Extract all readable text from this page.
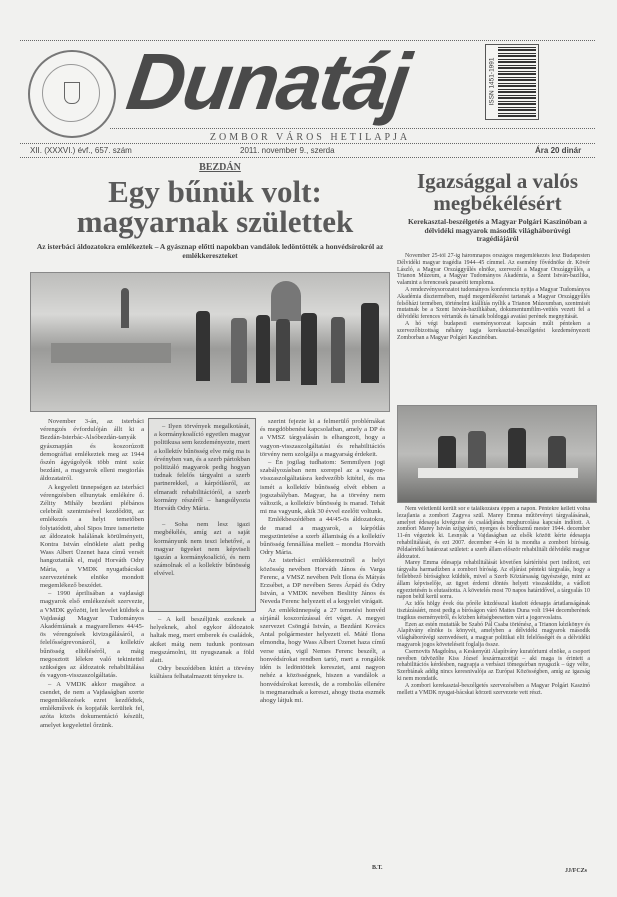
Dunatáj	ISSN 1451-1991
ZOMBOR VÁROS HETILAPJA
XII. (XXXVI.) évf., 657. szám	2011. november 9., szerda	Ára 20 dinár
BEZDÁN
Egy bűnük volt: magyarnak születtek
Az isterbáci áldozatokra emlékeztek – A gyásznap előtti napokban vandálok ledöntötték a honvédsírokról az emlékkereszteket

November 3-án, az isterbáci vérengzés évfordulóján állt ki a Bezdán-Isterbác-Alsóbezdán-tanyák gyásznapján és koszorúzott demográfiai emlékeztek meg az 1944 őszén ágyúgolyók több mint száz bezdáni, a magyarok elleni megtorlás áldozatairól.

A kegyeleti ünnepségen az isterbáci vérengzésben elhunytak emlékére ő. Zélity Mihály bezdáni plébános celebrált szentmisével kezdődött, az emlékezés a helyi temetőben folytatódott, ahol Sipos Imre ismertette az áldozatok halálának körülményeit, Kontra István elnöklete alatt pedig Wass Albert Üzenet haza című versét hangoztatták el, majd Horváth Odry Mária, a VMDK nyugatbácskai szervezetének elnöke mondott megemlékező beszédet.

– 1990 áprilisában a vajdasági magyarok első emlékezését szervezte, a VMDK győzött, lett levelet küldtek a Vajdasági Magyar Tudományos Akadémiának a magyarellenes 44/45-ös vérengzések kivizsgálásáról, a felelősségrevonásról, a kollektív bűnösség elítéléséről, a máig megosztott lélekre való tekintettel szükséges az áldozatok rehabilitálása és vagyon-visszaszolgáltatás.

– A VMDK akkor magához a csendet, de nem a Vajdaságban szerte megemlékezések ezrei kezdődtek, emlékművek és kopjafák kerültek fel, azóta közös dokumentáció készült, amelyet kegyelettel őrzünk.

– Ilyen törvények megalkotását, a kormánykoalíció egyetlen magyar politikusa sem kezdeményezte, mert a kollektív bűnösség elve még ma is érvényben van, és a szerb pártokban politizáló magyarok pedig hogyan tudnak felelős tárgyalni a szerb partnerekkel, a kárpótlásról, az elmaradt rehabilitációról, a szerb kormány részéről – hangsúlyozta Horváth Odry Mária.

– Soha nem lesz igazi megbékélés, amíg azt a saját kormányunk nem teszi lehetővé, a magyar ügyeket nem képviseli igazán a kormánykoalíció, és nem számolnak el a kollektív bűnösség elvével.

– A kell beszéljünk ezeknek a helyeknek, ahol egykor áldozatok haltak meg, mert emberek és családok, akiket máig nem tudunk pontosan megszámolni, itt nyugszanak a föld alatt.

Odry beszédében kitért a törvény kiáltásra felhatalmazott tényekre is.

szerint fejezte ki a felmerülő problémákat és megdöbbenést kapcsolatban, amely a DP és a VMSZ tárgyalásán is elhangzott, hogy a vagyon-visszaszolgáltatási és rehabilitációs törvény nem szolgálja a magyarság érdekeit.

– Én jogilag tudhatom: Semmilyen jogi szabályozásban nem szerepel az a vagyon-visszaszolgáltatásra kedvezőbb kitétel, és ma ismét a kollektív bűnösség elvét ebben a jogszabályban. Magyar, ha a törvény nem változik, a kollektív bűnösség is marad. Tehát mi ma vagyunk, akik 30 évvel ezelőtt voltunk.

Emlékbeszédében a 44/45-ös áldozatokra, de marad a magyarok, a kárpótlás megszüntetése a szerb államiság és a kollektív bűnösség fennállása mellett – mondta Horváth Odry Mária.

Az isterbáci emlékkeresztnél a helyi közösség nevében Horváth János és Varga Ferenc, a VMSZ nevében Pelt Ilona és Mátyás Erzsébet, a DP nevében Seres Árpád és Ódry István, a VMDK nevében Besliity János és Neveda Ferenc helyezett el a kegyelet virágait.

Az emlékünnepség a 27 temetési honvéd sírjánál koszorúzással ért véget. A megyei szervezet Csöngjá István, a Bezdáni Kovács Antal polgármester helyezett el. Máté Ilona elmondta, hogy Wass Albert Üzenet haza című verse után, vigil Nemes Ferenc beszélt, a honvédsírokat rendben tartó, mert a rongálók idén is ledöntöttek keresztet, ami nagyon nehéz a közösségnek, hiszen a vandálok a honvédsírokat keresik, de a rombolás ellenére is megmaradnak a kereszt, ahogy tiszta eszmék ahogy látjuk mi.

B.T.
Igazsággal a valós megbékélésért
Kerekasztal-beszélgetés a Magyar Polgári Kaszinóban a délvidéki magyarok második világháborúvégi tragédiájáról

November 25-től 27-ig háromnapos országos megemlékezés lesz Budapesten Délvidéki magyar tragédia 1944–45 címmel. Az esemény fővédnöke dr. Kövér László, a Magyar Országgyűlés elnöke, szervezői a Magyar Országgyűlés, a Trianon Múzeum, a Magyar Tudományos Akadémia, a Szent István-bazilika, valamint a ferencesek pasaréti temploma.

A rendezvénysorozatot tudományos konferencia nyitja a Magyar Tudományos Akadémia dísztermében, majd megemlékezést tartanak a Magyar Országgyűlés felsőházi termében, történelmi kiállítás nyílik a Trianon Múzeumban, szentmisét mutatnak be a Szent István-bazilikában, dokumentumfilm-vetítés vezeti fel a délvidéki ferences vértanúk és társaik boldoggá avatási perének megnyitását.

A hó végi budapesti eseménysorozat kapcsán múlt pénteken a szervezőbizottság néhány tagja kerekasztal-beszélgetést kezdeményezett Zomborban a Magyar Polgári Kaszinóban.

Nem véletlenül került sor e találkozásra éppen a napon. Péntekre kellett volna lezajlania a zombori Zagyva szül. Marey Emma műtörvényi tárgyalásának, amelyet édesapja kivégzése és családjának meghurcolása kapcsán indított. A zombori Marey István szíjgyártó, nyerges és bőrdíszmű mester 1944. december 11-én végeztek ki. Lesnyák a Vajdaságban az elsők között kérte édesapja rehabilitálását, és ezt 2007. december 4-én ki is mondta a zombori bíróság. Példaértékű határozat születet: a szerb állam először rehabilitált délvidéki magyar áldozatot.

Marey Emma édesapja rehabilitálását követően kártérítési pert indított, ezt tárgyalta harmadízben a zombori bíróság. Az eljárást pénteki tárgyalás, hogy a fellebbező bírósághoz küldték, mivel a Szerb Köztársaság ügyészsége, mint az állam képviselője, az ügyet érdemi döntés helyett visszaküldte, a vádlott egyeztetésén is elutasította. A követelés most 70 napos határidővel, a tárgyalás 10 napon belül kerül sorra.

Az idős hölgy évek óta pőréle küzdésszal kiadott édesapja ártatlanságának tisztázásáért, most pedig a bíróságon váró Mattes Duna volt 1944 decemberének tragikus eseményeiről, és közben kétségbeesetten várt a jogorvoslatra.

Ezen az estén mutatták be Szabó Pál Csaba történész, a Trianon kézikönyv és Alapítvány elnöke is könyvét, amelyben a délvidéki magyarok második világháborúvégi szenvedéseit, a magyar politikai elit felelősségét és a délvidéki magyarok jogos követeléseit foglalja össze.

Csernovits Magdolna, a Keskenyúti Alapítvány kuratóriumi elnöke, a csoport nevében üdvözölte Kiss József leszármazottját – aki maga is érintett a rehabilitációs kérdésben, nagyapja a verbászi tömegsírban nyugszik – úgy vélte, Szerbiának addig nincs keresnivalója az Európai Közösségben, amíg az igazság ki nem mondatik.

A zombori kerekasztal-beszélgetés szervezésében a Magyar Polgári Kaszinó mellett a VMDK nyugat-bácskai körzeti szervezete vett részt.

JJ/FCZs
